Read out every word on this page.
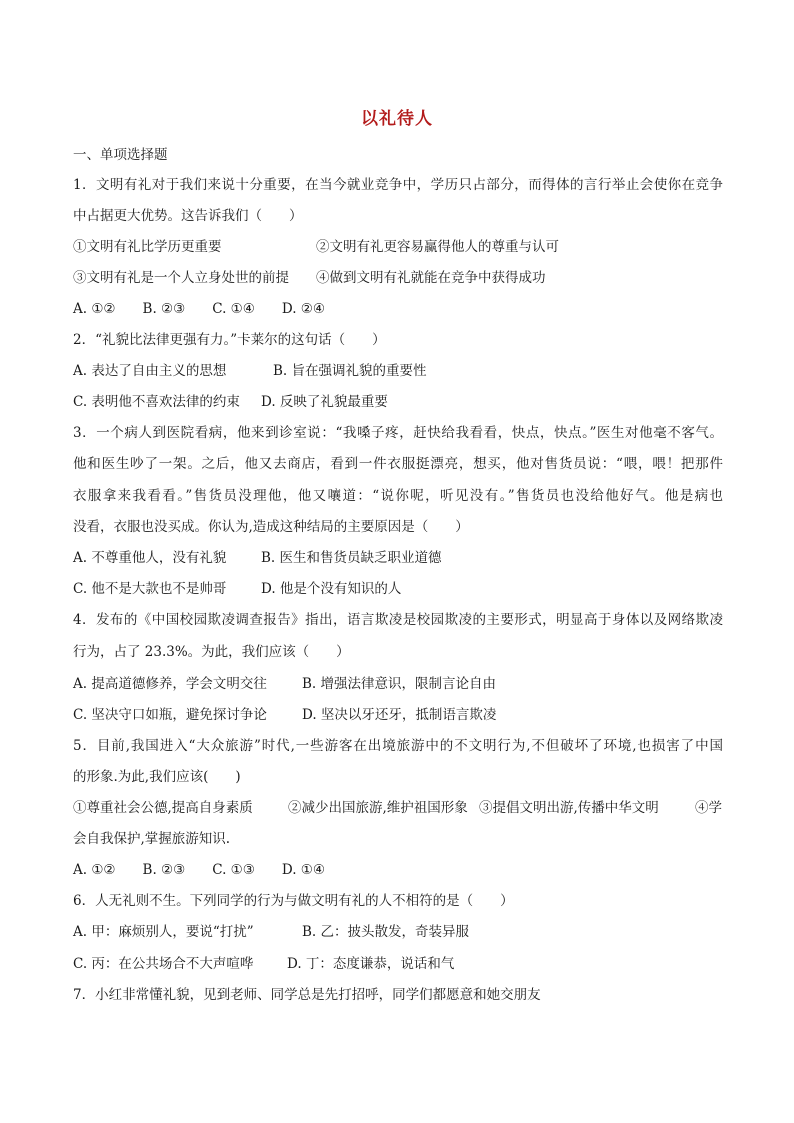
以礼待人
一、单项选择题
1．文明有礼对于我们来说十分重要，在当今就业竞争中，学历只占部分，而得体的言行举止会使你在竞争
中占据更大优势。这告诉我们（　　）
①文明有礼比学历更重要	②文明有礼更容易赢得他人的尊重与认可
③文明有礼是一个人立身处世的前提 ④做到文明有礼就能在竞争中获得成功
A. ①②　　B. ②③　　C. ①④　　D. ②④
2．“礼貌比法律更强有力。”卡莱尔的这句话（　　）
A. 表达了自由主义的思想	B. 旨在强调礼貌的重要性
C. 表明他不喜欢法律的约束 D. 反映了礼貌最重要
3．一个病人到医院看病，他来到诊室说：“我嗓子疼，赶快给我看看，快点，快点。”医生对他毫不客气。
他和医生吵了一架。之后，他又去商店，看到一件衣服挺漂亮，想买，他对售货员说：“喂，喂！把那件
衣服拿来我看看。”售货员没理他，他又嚷道：“说你呢，听见没有。”售货员也没给他好气。他是病也
没看，衣服也没买成。你认为,造成这种结局的主要原因是（　　）
A. 不尊重他人，没有礼貌	B. 医生和售货员缺乏职业道德
C. 他不是大款也不是帅哥	D. 他是个没有知识的人
4．发布的《中国校园欺凌调查报告》指出，语言欺凌是校园欺凌的主要形式，明显高于身体以及网络欺凌
行为，占了 23.3%。为此，我们应该（　　）
A. 提高道德修养，学会文明交往	B. 增强法律意识，限制言论自由
C. 坚决守口如瓶，避免探讨争论	D. 坚决以牙还牙，抵制语言欺凌
5．目前,我国进入“大众旅游”时代,一些游客在出境旅游中的不文明行为,不但破坏了环境,也损害了中国
的形象.为此,我们应该(　　)
①尊重社会公德,提高自身素质	②减少出国旅游,维护祖国形象 ③提倡文明出游,传播中华文明	④学
会自我保护,掌握旅游知识.
A. ①②　　B. ②③　　C. ①③　　D. ①④
6．人无礼则不生。下列同学的行为与做文明有礼的人不相符的是（　　）
A. 甲：麻烦别人，要说“打扰”	B. 乙：披头散发，奇装异服
C. 丙：在公共场合不大声喧哗 D. 丁：态度谦恭，说话和气
7．小红非常懂礼貌，见到老师、同学总是先打招呼，同学们都愿意和她交朋友
